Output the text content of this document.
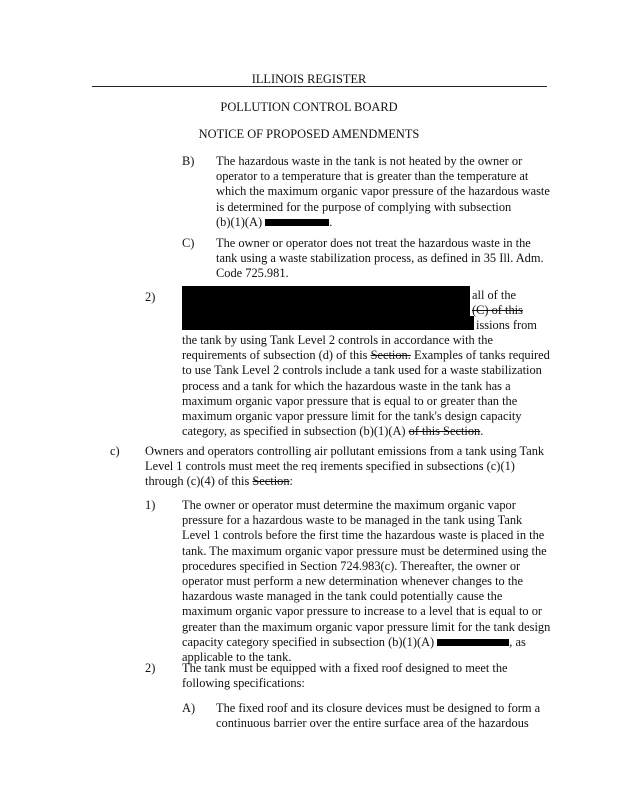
ILLINOIS REGISTER
POLLUTION CONTROL BOARD
NOTICE OF PROPOSED AMENDMENTS
B) The hazardous waste in the tank is not heated by the owner or
operator to a temperature that is greater than the temperature at
which the maximum organic vapor pressure of the hazardous waste
is determined for the purpose of complying with subsection
(b)(1)(A)	.
C) The owner or operator does not treat the hazardous waste in the
tank using a waste stabilization process, as defined in 35 Ill. Adm.
Code 725.981.
2)	all of the
(C) of this
issions from
the tank by using Tank Level 2 controls in accordance with the
requirements of subsection (d) of this Section. Examples of tanks required
to use Tank Level 2 controls include a tank used for a waste stabilization
process and a tank for which the hazardous waste in the tank has a
maximum organic vapor pressure that is equal to or greater than the
maximum organic vapor pressure limit for the tank's design capacity
category, as specified in subsection (b)(1)(A) of this Section.
c) Owners and operators controlling air pollutant emissions from a tank using Tank
Level 1 controls must meet the req irements specified in subsections (c)(1)
through (c)(4) of this Section:
1) The owner or operator must determine the maximum organic vapor
pressure for a hazardous waste to be managed in the tank using Tank
Level 1 controls before the first time the hazardous waste is placed in the
tank. The maximum organic vapor pressure must be determined using the
procedures specified in Section 724.983(c). Thereafter, the owner or
operator must perform a new determination whenever changes to the
hazardous waste managed in the tank could potentially cause the
maximum organic vapor pressure to increase to a level that is equal to or
greater than the maximum organic vapor pressure limit for the tank design
capacity category specified in subsection (b)(1)(A)	, as
applicable to the tank.
2) The tank must be equipped with a fixed roof designed to meet the
following specifications:
A) The fixed roof and its closure devices must be designed to form a
continuous barrier over the entire surface area of the hazardous
